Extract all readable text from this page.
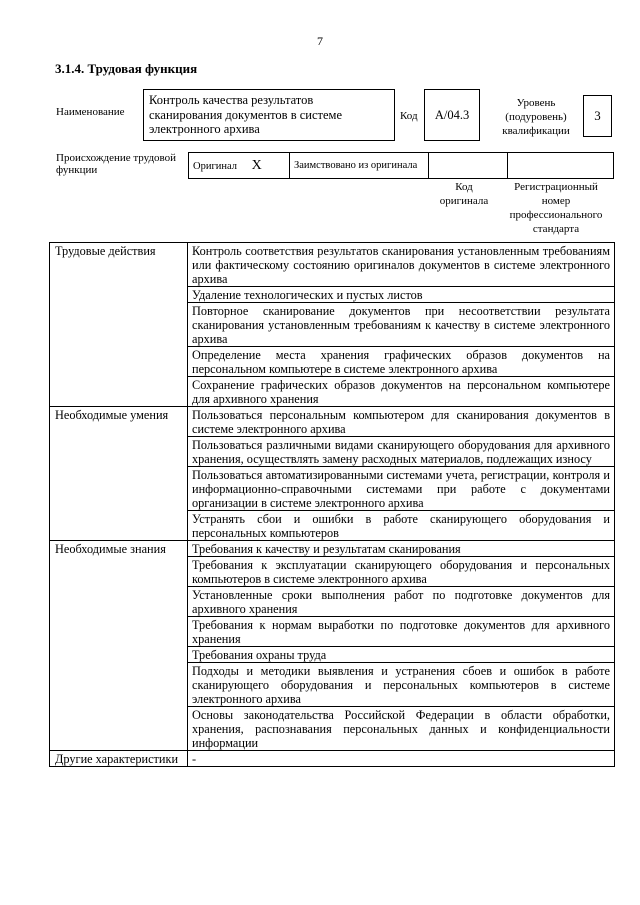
7
3.1.4. Трудовая функция
Наименование
Контроль качества результатов сканирования документов в системе электронного архива
Код	A/04.3
Уровень (подуровень) квалификации
3
Происхождение трудовой функции	Оригинал X	Заимствовано из оригинала		
Код оригинала
Регистрационный номер профессионального стандарта
Трудовые действия	Контроль соответствия результатов сканирования установленным требованиям или фактическому состоянию оригиналов документов в системе электронного архива
	Удаление технологических и пустых листов
	Повторное сканирование документов при несоответствии результата сканирования установленным требованиям к качеству в системе электронного архива
	Определение места хранения графических образов документов на персональном компьютере в системе электронного архива
	Сохранение графических образов документов на персональном компьютере для архивного хранения
Необходимые умения	Пользоваться персональным компьютером для сканирования документов в системе электронного архива
	Пользоваться различными видами сканирующего оборудования для архивного хранения, осуществлять замену расходных материалов, подлежащих износу
	Пользоваться автоматизированными системами учета, регистрации, контроля и информационно-справочными системами при работе с документами организации в системе электронного архива
	Устранять сбои и ошибки в работе сканирующего оборудования и персональных компьютеров
Необходимые знания	Требования к качеству и результатам сканирования
	Требования к эксплуатации сканирующего оборудования и персональных компьютеров в системе электронного архива
	Установленные сроки выполнения работ по подготовке документов для архивного хранения
	Требования к нормам выработки по подготовке документов для архивного хранения
	Требования охраны труда
	Подходы и методики выявления и устранения сбоев и ошибок в работе сканирующего оборудования и персональных компьютеров в системе электронного архива
	Основы законодательства Российской Федерации в области обработки, хранения, распознавания персональных данных и конфиденциальности информации
Другие характеристики	-
